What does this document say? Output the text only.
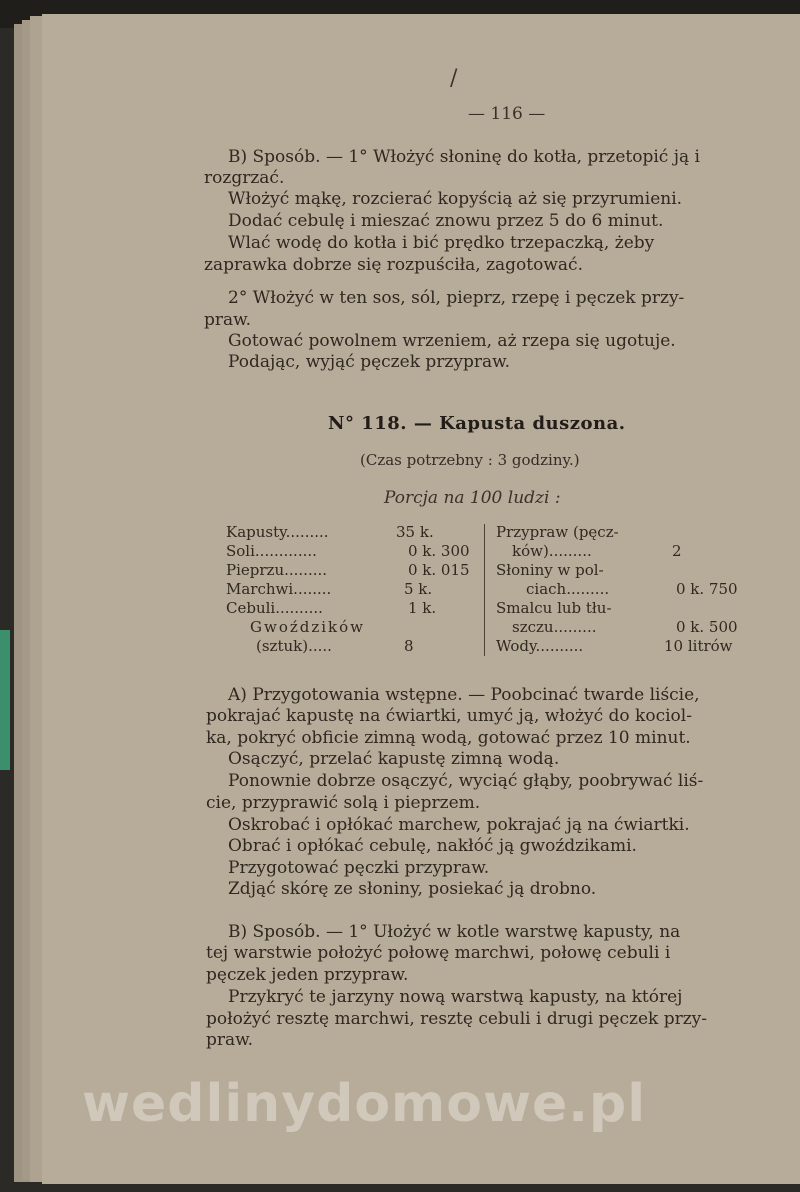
/
— 116 —
B) Sposób. — 1° Włożyć słoninę do kotła, przetopić ją i
rozgrzać.
Włożyć mąkę, rozcierać kopyścią aż się przyrumieni.
Dodać cebulę i mieszać znowu przez 5 do 6 minut.
Wlać wodę do kotła i bić prędko trzepaczką, żeby
zaprawka dobrze się rozpuściła, zagotować.
2° Włożyć w ten sos, sól, pieprz, rzepę i pęczek przy-
praw.
Gotować powolnem wrzeniem, aż rzepa się ugotuje.
Podając, wyjąć pęczek przypraw.
N° 118. — Kapusta duszona.
(Czas potrzebny : 3 godziny.)
Porcja na 100 ludzi :
Kapusty.........	35 k.
Soli.............	0 k. 300
Pieprzu.........	0 k. 015
Marchwi........	5 k.
Cebuli..........	1 k.
Gwoździków
(sztuk).....	8
Przypraw (pęcz-
ków).........	2
Słoniny w pol-
ciach.........	0 k. 750
Smalcu lub tłu-
szczu.........	0 k. 500
Wody..........	10 litrów
A) Przygotowania wstępne. — Poobcinać twarde liście,
pokrajać kapustę na ćwiartki, umyć ją, włożyć do kociol-
ka, pokryć obficie zimną wodą, gotować przez 10 minut.
Osączyć, przelać kapustę zimną wodą.
Ponownie dobrze osączyć, wyciąć głąby, poobrywać liś-
cie, przyprawić solą i pieprzem.
Oskrobać i opłókać marchew, pokrajać ją na ćwiartki.
Obrać i opłókać cebulę, nakłóć ją gwoździkami.
Przygotować pęczki przypraw.
Zdjąć skórę ze słoniny, posiekać ją drobno.
B) Sposób. — 1° Ułożyć w kotle warstwę kapusty, na
tej warstwie położyć połowę marchwi, połowę cebuli i
pęczek jeden przypraw.
Przykryć te jarzyny nową warstwą kapusty, na której
położyć resztę marchwi, resztę cebuli i drugi pęczek przy-
praw.
wedlinydomowe.pl
